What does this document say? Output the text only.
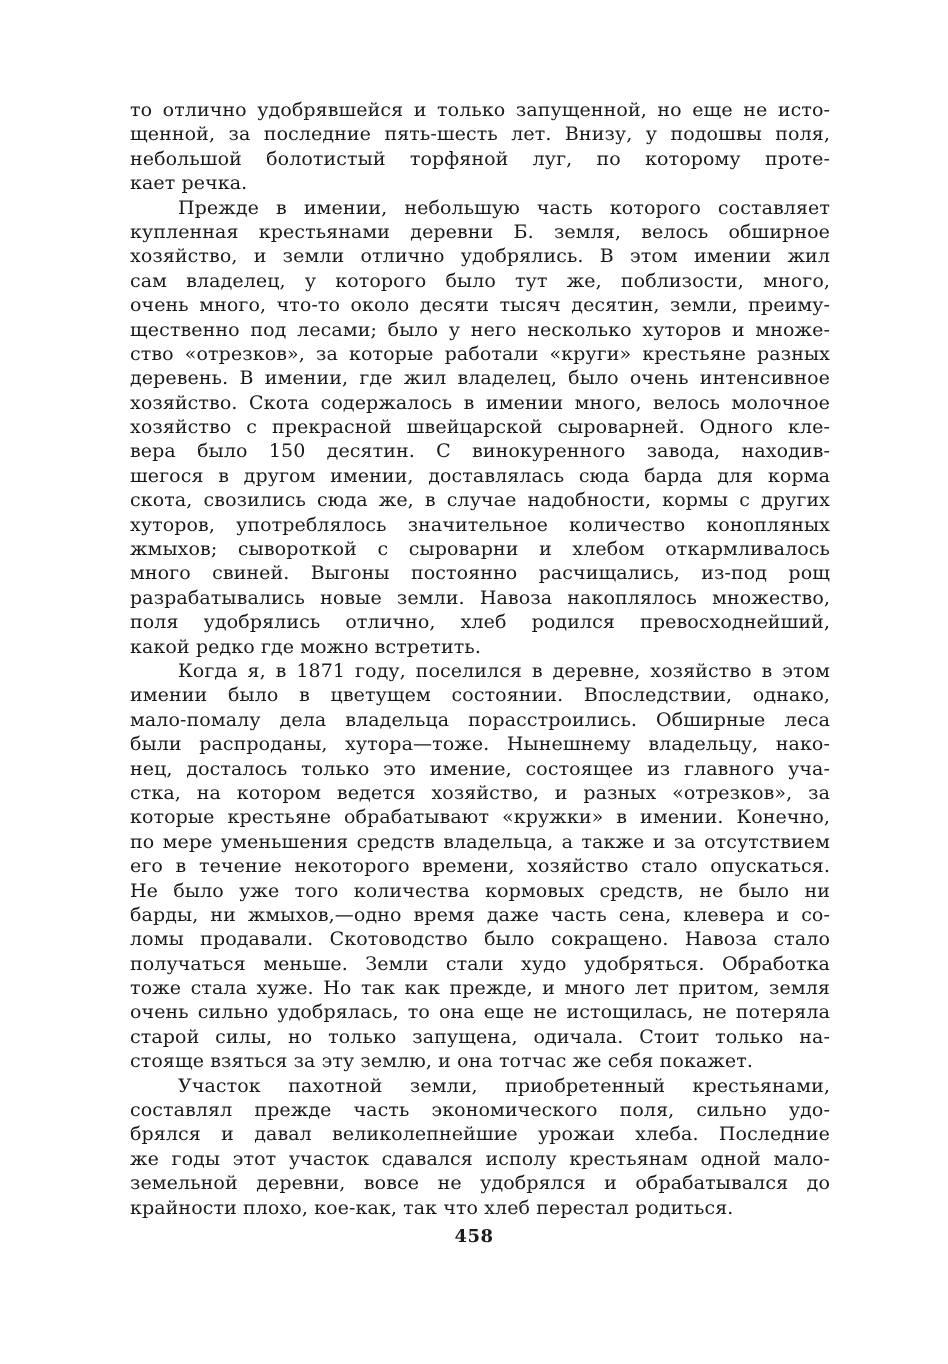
то отлично удобрявшейся и только запущенной, но еще не исто-
щенной, за последние пять-шесть лет. Внизу, у подошвы поля,
небольшой болотистый торфяной луг, по которому проте-
кает речка.
Прежде в имении, небольшую часть которого составляет
купленная крестьянами деревни Б. земля, велось обширное
хозяйство, и земли отлично удобрялись. В этом имении жил
сам владелец, у которого было тут же, поблизости, много,
очень много, что-то около десяти тысяч десятин, земли, преиму-
щественно под лесами; было у него несколько хуторов и множе-
ство «отрезков», за которые работали «круги» крестьяне разных
деревень. В имении, где жил владелец, было очень интенсивное
хозяйство. Скота содержалось в имении много, велось молочное
хозяйство с прекрасной швейцарской сыроварней. Одного кле-
вера было 150 десятин. С винокуренного завода, находив-
шегося в другом имении, доставлялась сюда барда для корма
скота, свозились сюда же, в случае надобности, кормы с других
хуторов, употреблялось значительное количество конопляных
жмыхов; сывороткой с сыроварни и хлебом откармливалось
много свиней. Выгоны постоянно расчищались, из-под рощ
разрабатывались новые земли. Навоза накоплялось множество,
поля удобрялись отлично, хлеб родился превосходнейший,
какой редко где можно встретить.
Когда я, в 1871 году, поселился в деревне, хозяйство в этом
имении было в цветущем состоянии. Впоследствии, однако,
мало-помалу дела владельца порасстроились. Обширные леса
были распроданы, хутора—тоже. Нынешнему владельцу, нако-
нец, досталось только это имение, состоящее из главного уча-
стка, на котором ведется хозяйство, и разных «отрезков», за
которые крестьяне обрабатывают «кружки» в имении. Конечно,
по мере уменьшения средств владельца, а также и за отсутствием
его в течение некоторого времени, хозяйство стало опускаться.
Не было уже того количества кормовых средств, не было ни
барды, ни жмыхов,—одно время даже часть сена, клевера и со-
ломы продавали. Скотоводство было сокращено. Навоза стало
получаться меньше. Земли стали худо удобряться. Обработка
тоже стала хуже. Но так как прежде, и много лет притом, земля
очень сильно удобрялась, то она еще не истощилась, не потеряла
старой силы, но только запущена, одичала. Стоит только на-
стояще взяться за эту землю, и она тотчас же себя покажет.
Участок пахотной земли, приобретенный крестьянами,
составлял прежде часть экономического поля, сильно удо-
брялся и давал великолепнейшие урожаи хлеба. Последние
же годы этот участок сдавался исполу крестьянам одной мало-
земельной деревни, вовсе не удобрялся и обрабатывался до
крайности плохо, кое-как, так что хлеб перестал родиться.
458
